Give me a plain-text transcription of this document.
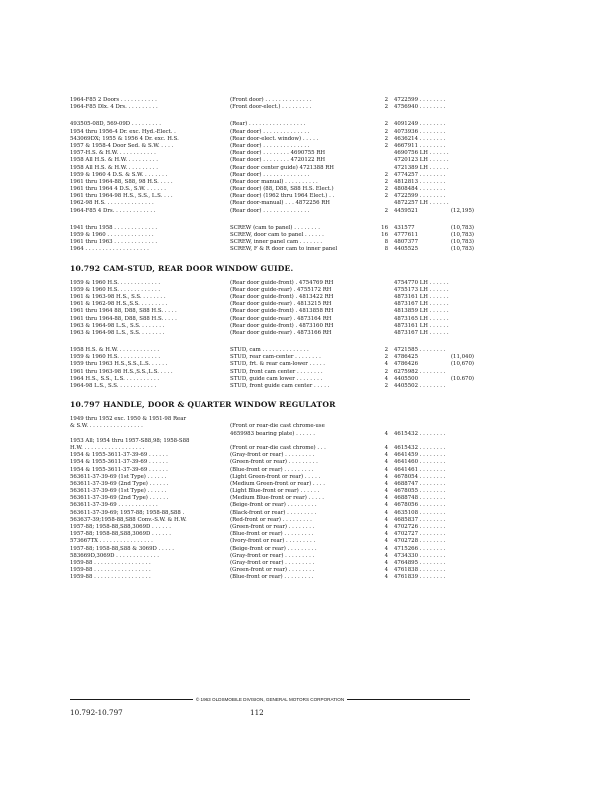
1964-F85 2 Doors . . . . . . . . . . .	(Front door) . . . . . . . . . . . . . .	2	4722599 . . . . . . . .
1964-F85 Dlx. 4 Drs. . . . . . . . . .	(Front door-elect.) . . . . . . . . .	2	4756940 . . . . . . . .
493505-08D, 569-09D . . . . . . . . .	(Rear) . . . . . . . . . . . . . . . . .	2	4091249 . . . . . . . .
1954 thru 1956-4 Dr. exc. Hyd.-Elect. .	(Rear door) . . . . . . . . . . . . . .	2	4073936 . . . . . . . .
543069DX; 1955 & 1956 4 Dr. exc. H.S.	(Rear door-elect. window) . . . . .	2	4636214 . . . . . . . .
1957 & 1958-4 Door Sed. & S.W. . . . .	(Rear door) . . . . . . . . . . . . . .	2	4667911 . . . . . . . .
1957-H.S. & H.W. . . . . . . . . . . .	(Rear door) . . . . . . . . 4690755 RH	4690756 LH . . . . . .
1958 All H.S. & H.W. . . . . . . . . .	(Rear door) . . . . . . . . 4720122 RH	4720123 LH . . . . . .
1958 All H.S. & H.W. . . . . . . . . .	(Rear door center guide) 4721388 RH	4721389 LH . . . . . .
1959 & 1960 4 D.S. & S.W. . . . . . . .	(Rear door) . . . . . . . . . . . . . .	2	4774257 . . . . . . . .
1961 thru 1964-88, S88, 98 H.S. . . . .	(Rear door manual) . . . . . . . . . .	2	4812813 . . . . . . . .
1961 thru 1964 4 D.S., S.W. . . . . . .	(Rear door) (88, D88, S88 H.S. Elect.)	2	4808484 . . . . . . . .
1961 thru 1964-98 H.S., S.S., L.S. . . .	(Rear door) (1962 thru 1964 Elect.) . .	2	4722599 . . . . . . . .
1962-98 H.S. . . . . . . . . . . . . . .	(Rear door-manual) . . . 4872256 RH	4872257 LH . . . . . .
1964-F85 4 Drs. . . . . . . . . . . . .	(Rear door) . . . . . . . . . . . . . .	2	4459521	(12,195)
1941 thru 1958 . . . . . . . . . . . . .	SCREW (cam to panel) . . . . . . . .	16	431577	(10,783)
1959 & 1960 . . . . . . . . . . . . . .	SCREW, door cam to panel . . . . . .	16	4777611	(10,783)
1961 thru 1963 . . . . . . . . . . . . .	SCREW, inner panel cam . . . . . . .	8	4807377	(10,783)
1964 . . . . . . . . . . . . . . . . . . .	SCREW, F & R door cam to inner panel	8	4405525	(10,783)
10.792 CAM-STUD, REAR DOOR WINDOW GUIDE.
1959 & 1960 H.S. . . . . . . . . . . . .	(Rear door guide-front) . 4754769 RH	4754770 LH . . . . . .
1959 & 1960 H.S. . . . . . . . . . . . .	(Rear door guide-rear) . 4755172 RH	4755173 LH . . . . . .
1961 & 1963-98 H.S., S.S. . . . . . . .	(Rear door guide-front) . 4813422 RH	4873161 LH . . . . . .
1961 & 1962-98 H.S.,S.S. . . . . . . . .	(Rear door guide-rear) . 4813215 RH	4873167 LH . . . . . .
1961 thru 1964 88, D88, S88 H.S. . . . .	(Rear door guide-front) . 4813858 RH	4813859 LH . . . . . .
1961 thru 1964-88, D88, S88 H.S. . . . .	(Rear door guide-rear) . 4873164 RH	4873165 LH . . . . . .
1963 & 1964-98 L.S., S.S. . . . . . . .	(Rear door guide-front) . 4873160 RH	4873161 LH . . . . . .
1963 & 1964-98 L.S., S.S. . . . . . . .	(Rear door guide-rear) . 4873166 RH	4873167 LH . . . . . .
1958 H.S. & H.W. . . . . . . . . . . . .	STUD, cam . . . . . . . . . . . . . .	2	4721585 . . . . . . . .
1959 & 1960 H.S. . . . . . . . . . . . .	STUD, rear cam-center . . . . . . . .	2	4786425	(11,040)
1959 thru 1963 H.S.,S.S.,L.S. . . . . .	STUD, frt. & rear cam-lower . . . . .	4	4786426	(10,670)
1961 thru 1963-98 H.S.,S.S.,L.S. . . . .	STUD, front cam center . . . . . . . .	2	6275982 . . . . . . . .
1964 H.S., S.S., L.S. . . . . . . . . . .	STUD, guide cam lower . . . . . . . .	4	4405500	(10.670)
1964-98 L.S., S.S. . . . . . . . . . . .	STUD, front guide cam center . . . . .	2	4405502 . . . . . . . .
10.797 HANDLE, DOOR & QUARTER WINDOW REGULATOR
1949 thru 1952 exc. 1950 & 1951-98 Rear
& S.W. . . . . . . . . . . . . . . . .	(Front or rear-die cast chrome-use
4659983 bearing plate) . . . . . .	4	4615432 . . . . . . . .
1953 All; 1954 thru 1957-S88,98; 1958-S88
H.W. . . . . . . . . . . . . . . . . . .	(Front or rear-die cast chrome) . . .	4	4615432 . . . . . . . .
1954 & 1955-3611-37-39-69 . . . . . .	(Gray-front or rear) . . . . . . . . .	4	4641459 . . . . . . . .
1954 & 1955-3611-37-39-69 . . . . . .	(Green-front or rear) . . . . . . . . .	4	4641460 . . . . . . . .
1954 & 1955-3611-37-39-69 . . . . . .	(Blue-front or rear) . . . . . . . . .	4	4641461 . . . . . . . .
563611-37-39-69 (1st Type) . . . . . .	(Light Green-front or rear) . . . . .	4	4678054 . . . . . . . .
563611-37-39-69 (2nd Type) . . . . . .	(Medium Green-front or rear) . . . .	4	4688747 . . . . . . . .
563611-37-39-69 (1st Type) . . . . . .	(Light Blue-front or rear) . . . . . .	4	4678055 . . . . . . . .
563611-37-39-69 (2nd Type) . . . . . .	(Medium Blue-front or rear) . . . . .	4	4688748 . . . . . . . .
563611-37-39-69 . . . . . . . . . . . .	(Beige-front or rear) . . . . . . . . .	4	4678056 . . . . . . . .
563611-37-39-69; 1957-88; 1958-88,S88 .	(Black-front or rear) . . . . . . . . .	4	4635108 . . . . . . . .
563637-39;1958-88,S88 Conv.-S.W. & H.W.	(Red-front or rear) . . . . . . . . .	4	4685837 . . . . . . . .
1957-88; 1958-88,S88,3069D . . . . . .	(Green-front or rear) . . . . . . . .	4	4702726 . . . . . . . .
1957-88; 1958-88,S88,3069D . . . . . .	(Blue-front or rear) . . . . . . . . .	4	4702727 . . . . . . . .
573667TX . . . . . . . . . . . . . . . .	(Ivory-front or rear) . . . . . . . . .	4	4702728 . . . . . . . .
1957-88; 1958-88,S88 & 3069D . . . . .	(Beige-front or rear) . . . . . . . . .	4	4715266 . . . . . . . .
583669D,3069D . . . . . . . . . . . . .	(Gray-front or rear) . . . . . . . . .	4	4734330 . . . . . . . .
1959-88 . . . . . . . . . . . . . . . . .	(Gray-front or rear) . . . . . . . . .	4	4764895 . . . . . . . .
1959-88 . . . . . . . . . . . . . . . . .	(Green-front or rear) . . . . . . . .	4	4761838 . . . . . . . .
1959-88 . . . . . . . . . . . . . . . . .	(Blue-front or rear) . . . . . . . . .	4	4761839 . . . . . . . .
© 1963 OLDSMOBILE DIVISION, GENERAL MOTORS CORPORATION
10.792-10.797	112
